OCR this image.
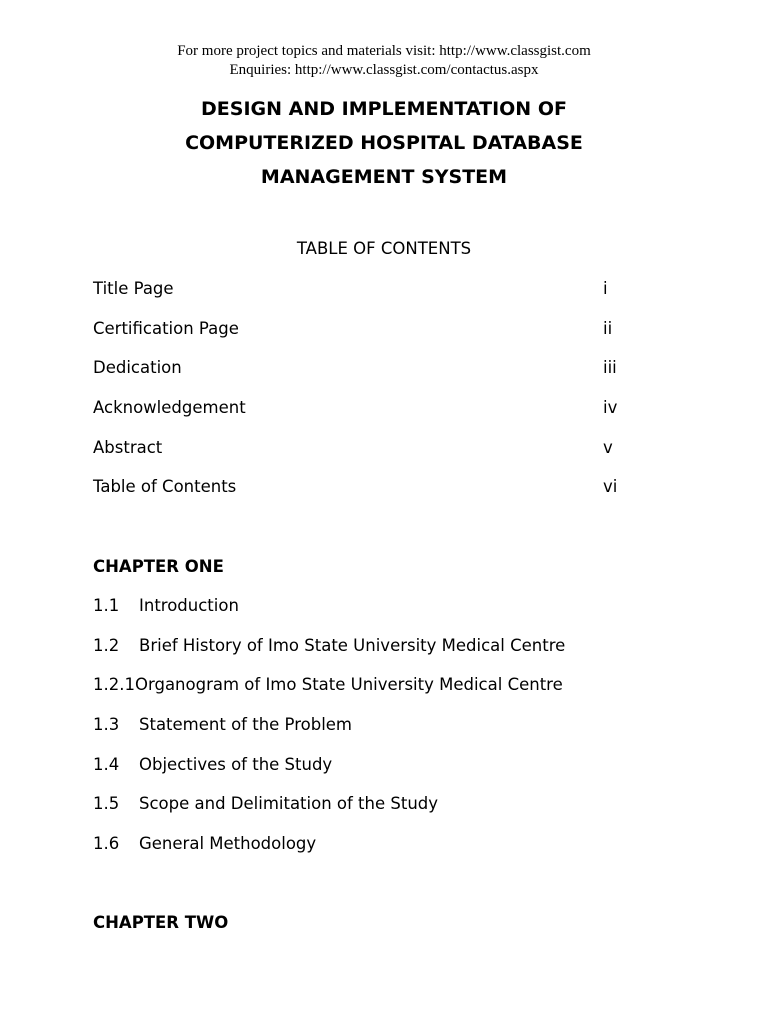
For more project topics and materials visit: http://www.classgist.com
Enquiries: http://www.classgist.com/contactus.aspx
DESIGN AND IMPLEMENTATION OF
COMPUTERIZED HOSPITAL DATABASE
MANAGEMENT SYSTEM
TABLE OF CONTENTS
Title Page	i
Certification Page	ii
Dedication	iii
Acknowledgement	iv
Abstract	v
Table of Contents	vi
CHAPTER ONE
1.1 Introduction
1.2 Brief History of Imo State University Medical Centre
1.2.1Organogram of Imo State University Medical Centre
1.3 Statement of the Problem
1.4 Objectives of the Study
1.5 Scope and Delimitation of the Study
1.6 General Methodology
CHAPTER TWO
